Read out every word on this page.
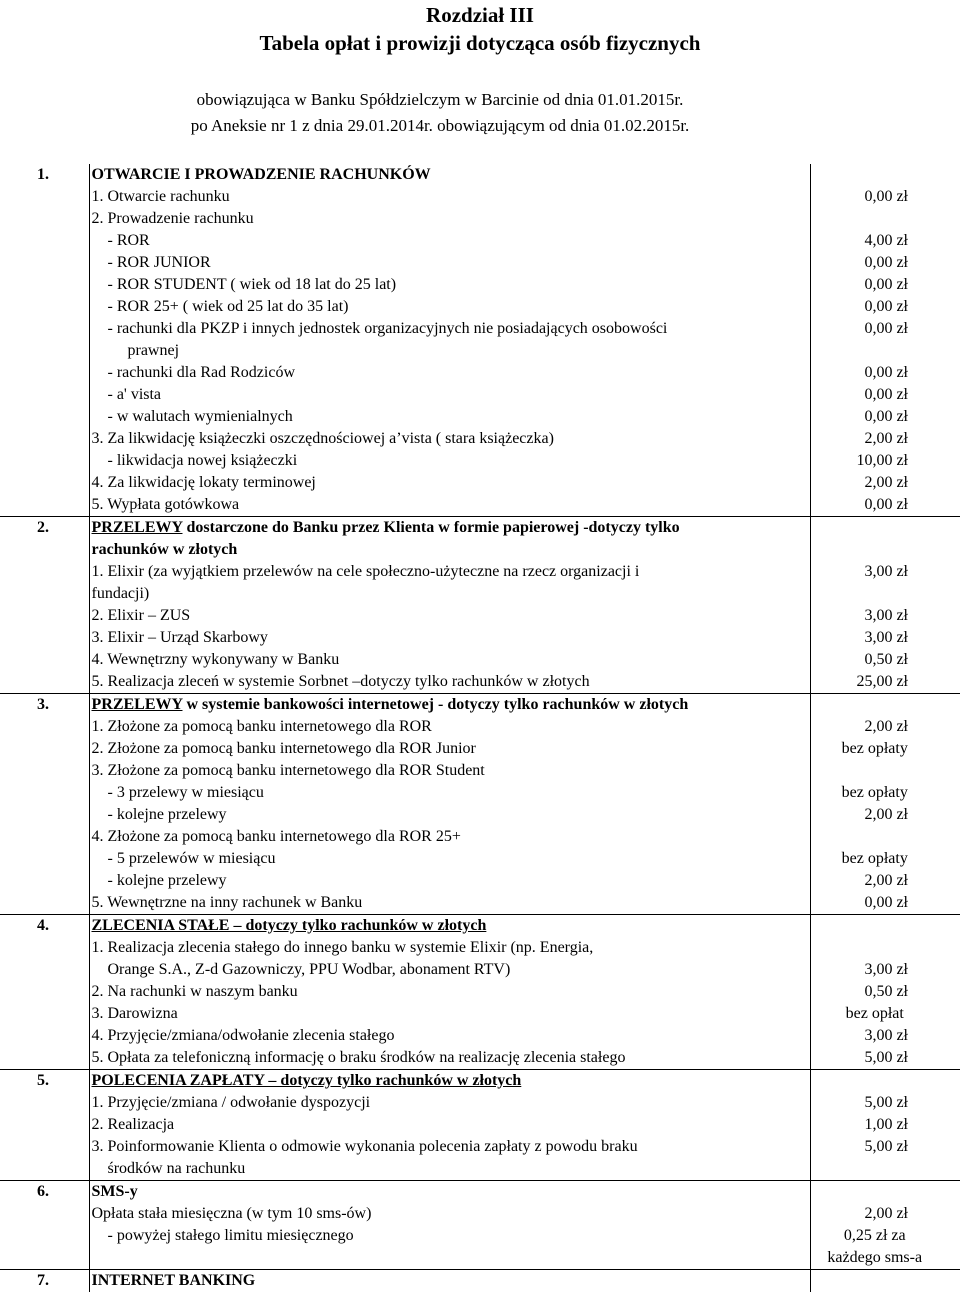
Rozdział III
Tabela opłat i prowizji dotycząca osób fizycznych
obowiązująca w Banku Spółdzielczym w Barcinie od dnia 01.01.2015r.
po Aneksie nr 1 z dnia 29.01.2014r. obowiązującym od dnia 01.02.2015r.
1.	OTWARCIE I PROWADZENIE RACHUNKÓW	
	1. Otwarcie rachunku	0,00 zł
	2. Prowadzenie rachunku	

	- ROR	4,00 zł

	- ROR JUNIOR	0,00 zł

	- ROR STUDENT ( wiek od 18 lat do 25 lat)	0,00 zł

	- ROR 25+ ( wiek od 25 lat do 35 lat)	0,00 zł

	- rachunki dla PKZP i innych jednostek organizacyjnych nie posiadających osobowości	0,00 zł

	prawnej	

	- rachunki dla Rad Rodziców	0,00 zł

	- a' vista	0,00 zł

	- w walutach wymienialnych	0,00 zł

	3. Za likwidację książeczki oszczędnościowej a’vista ( stara książeczka)	2,00 zł

	- likwidacja nowej książeczki	10,00 zł

	4. Za likwidację lokaty terminowej	2,00 zł

	5. Wypłata gotówkowa	0,00 zł
2.	PRZELEWY dostarczone do Banku przez Klienta w formie papierowej -dotyczy tylko	
	rachunków w złotych	

	1. Elixir (za wyjątkiem przelewów na cele społeczno-użyteczne na rzecz organizacji i	3,00 zł

	fundacji)	

	2. Elixir – ZUS	3,00 zł

	3. Elixir – Urząd Skarbowy	3,00 zł

	4. Wewnętrzny wykonywany w Banku	0,50 zł

	5. Realizacja zleceń w systemie Sorbnet –dotyczy tylko rachunków w złotych	25,00 zł
3.	PRZELEWY w systemie bankowości internetowej - dotyczy tylko rachunków w złotych	

	1. Złożone za pomocą banku internetowego dla ROR	2,00 zł

	2. Złożone za pomocą banku internetowego dla ROR Junior	bez opłaty

	3. Złożone za pomocą banku internetowego dla ROR Student	

	- 3 przelewy w miesiącu	bez opłaty

	- kolejne przelewy	2,00 zł

	4. Złożone za pomocą banku internetowego dla ROR 25+	

	- 5 przelewów w miesiącu	bez opłaty

	- kolejne przelewy	2,00 zł

	5. Wewnętrzne na inny rachunek w Banku	0,00 zł
4.	ZLECENIA STAŁE – dotyczy tylko rachunków w złotych	

	1. Realizacja zlecenia stałego do innego banku w systemie Elixir (np. Energia,	

	Orange S.A., Z-d Gazowniczy, PPU Wodbar, abonament RTV)	3,00 zł

	2. Na rachunki w naszym banku	0,50 zł

	3. Darowizna	bez opłat

	4. Przyjęcie/zmiana/odwołanie zlecenia stałego	3,00 zł

	5. Opłata za telefoniczną informację o braku środków na realizację zlecenia stałego	5,00 zł
5.	POLECENIA ZAPŁATY – dotyczy tylko rachunków w złotych	

	1. Przyjęcie/zmiana / odwołanie dyspozycji	5,00 zł

	2. Realizacja	1,00 zł

	3. Poinformowanie Klienta o odmowie wykonania polecenia zapłaty z powodu braku	5,00 zł

	środków na rachunku	

6.	SMS-y	

	Opłata stała miesięczna (w tym 10 sms-ów)	2,00 zł

	- powyżej stałego limitu miesięcznego	0,25 zł za

	każdego sms-a
7.	INTERNET BANKING	
